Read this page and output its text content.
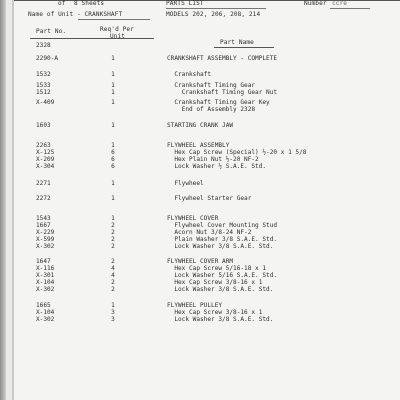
of 8 Sheets	PARTS LIST	Number ccre
Name of Unit - CRANKSHAFT	MODELS 202, 206, 208, 214
Part No.	Req'd Per
Unit
Part Name
2328
2290-A	1	CRANKSHAFT ASSEMBLY - COMPLETE
1532	1	Crankshaft
1533	1	Crankshaft Timing Gear
1512	1	Crankshaft Timing Gear Nut
X-409	1	Crankshaft Timing Gear Key
End of Assembly 2328
1603	1	STARTING CRANK JAW
2263	1	FLYWHEEL ASSEMBLY
X-125	6	Hex Cap Screw (Special) ½-20 x 1 5/8
X-209	6	Hex Plain Nut ½-20 NF-2
X-304	6	Lock Washer ½ S.A.E. Std.
2271	1	Flywheel
2272	1	Flywheel Starter Gear
1543	1	FLYWHEEL COVER
1667	2	Flywheel Cover Mounting Stud
X-229	2	Acorn Nut 3/8-24 NF-2
X-599	2	Plain Washer 3/8 S.A.E. Std.
X-302	2	Lock Washer 3/8 S.A.E. Std.
1647	2	FLYWHEEL COVER ARM
X-116	4	Hex Cap Screw 5/16-18 x 1
X-301	4	Lock Washer 5/16 S.A.E. Std.
X-104	2	Hex Cap Screw 3/8-16 x 1
X-302	2	Lock Washer 3/8 S.A.E. Std.
1665	1	FLYWHEEL PULLEY
X-104	3	Hex Cap Screw 3/8-16 x 1
X-302	3	Lock Washer 3/8 S.A.E. Std.
